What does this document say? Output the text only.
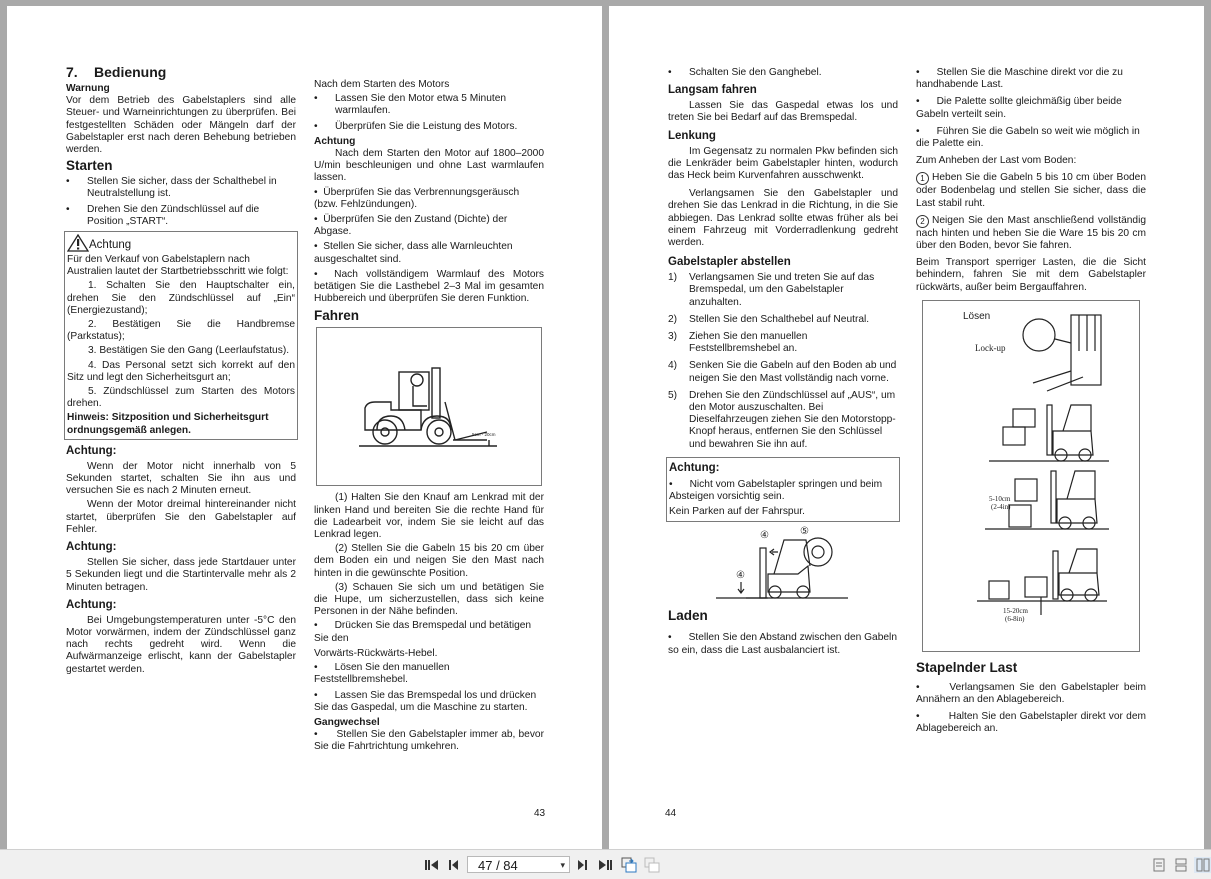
7. Bedienung
Warnung

Vor dem Betrieb des Gabelstaplers sind alle Steuer- und Warneinrichtungen zu überprüfen. Bei festgestellten Schäden oder Mängeln darf der Gabelstapler erst nach deren Behebung betrieben werden.

Starten
•	Stellen Sie sicher, dass der Schalthebel in Neutralstellung ist.
•	Drehen Sie den Zündschlüssel auf die Position „START“.
Achtung

Für den Verkauf von Gabelstaplern nach Australien lautet der Startbetriebsschritt wie folgt:

1. Schalten Sie den Hauptschalter ein, drehen Sie den Zündschlüssel auf „Ein“ (Energiezustand);

2. Bestätigen Sie die Handbremse (Parkstatus);

3. Bestätigen Sie den Gang (Leerlaufstatus).

4. Das Personal setzt sich korrekt auf den Sitz und legt den Sicherheitsgurt an;

5. Zündschlüssel zum Starten des Motors drehen.

Hinweis: Sitzposition und Sicherheitsgurt ordnungsgemäß anlegen.

Achtung:

Wenn der Motor nicht innerhalb von 5 Sekunden startet, schalten Sie ihn aus und versuchen Sie es nach 2 Minuten erneut.

Wenn der Motor dreimal hintereinander nicht startet, überprüfen Sie den Gabelstapler auf Fehler.

Achtung:

Stellen Sie sicher, dass jede Startdauer unter 5 Sekunden liegt und die Startintervalle mehr als 2 Minuten betragen.

Achtung:

Bei Umgebungstemperaturen unter -5°C den Motor vorwärmen, indem der Zündschlüssel ganz nach rechts gedreht wird. Wenn die Aufwärmanzeige erlischt, kann der Gabelstapler gestartet werden.

Nach dem Starten des Motors

•	Lassen Sie den Motor etwa 5 Minuten warmlaufen.
•	Überprüfen Sie die Leistung des Motors.
Achtung

Nach dem Starten den Motor auf 1800–2000 U/min beschleunigen und ohne Last warmlaufen lassen.

•  Überprüfen Sie das Verbrennungsgeräusch (bzw. Fehlzündungen).

•  Überprüfen Sie den Zustand (Dichte) der Abgase.

•  Stellen Sie sicher, dass alle Warnleuchten ausgeschaltet sind.

•  Nach vollständigem Warmlauf des Motors betätigen Sie die Lasthebel 2–3 Mal im gesamten Hubbereich und überprüfen Sie deren Funktion.

Fahren
5cm - 20cm

(1) Halten Sie den Knauf am Lenkrad mit der linken Hand und bereiten Sie die rechte Hand für die Ladearbeit vor, indem Sie sie leicht auf das Lenkrad legen.

(2) Stellen Sie die Gabeln 15 bis 20 cm über dem Boden ein und neigen Sie den Mast nach hinten in die gewünschte Position.

(3) Schauen Sie sich um und betätigen Sie die Hupe, um sicherzustellen, dass sich keine Personen in der Nähe befinden.

•      Drücken Sie das Bremspedal und betätigen Sie den

Vorwärts-Rückwärts-Hebel.

•      Lösen Sie den manuellen Feststellbremshebel.

•      Lassen Sie das Bremspedal los und drücken Sie das Gaspedal, um die Maschine zu starten.

Gangwechsel

•      Stellen Sie den Gabelstapler immer ab, bevor Sie die Fahrtrichtung umkehren.

43
•	Schalten Sie den Ganghebel.
Langsam fahren

Lassen Sie das Gaspedal etwas los und treten Sie bei Bedarf auf das Bremspedal.

Lenkung

Im Gegensatz zu normalen Pkw befinden sich die Lenkräder beim Gabelstapler hinten, wodurch das Heck beim Kurvenfahren ausschwenkt.

Verlangsamen Sie den Gabelstapler und drehen Sie das Lenkrad in die Richtung, in die Sie abbiegen. Das Lenkrad sollte etwas früher als bei einem Fahrzeug mit Vorderradlenkung gedreht werden.

Gabelstapler abstellen
1)	Verlangsamen Sie und treten Sie auf das Bremspedal, um den Gabelstapler anzuhalten.
2)	Stellen Sie den Schalthebel auf Neutral.
3)	Ziehen Sie den manuellen Feststellbremshebel an.
4)	Senken Sie die Gabeln auf den Boden ab und neigen Sie den Mast vollständig nach vorne.
5)	Drehen Sie den Zündschlüssel auf „AUS“, um den Motor auszuschalten. Bei Dieselfahrzeugen ziehen Sie den Motorstopp-Knopf heraus, entfernen Sie den Schlüssel und bewahren Sie ihn auf.
Achtung:

•      Nicht vom Gabelstapler springen und beim Absteigen vorsichtig sein.

Kein Parken auf der Fahrspur.

④	⑤
④
Laden

•      Stellen Sie den Abstand zwischen den Gabeln so ein, dass die Last ausbalanciert ist.

•      Stellen Sie die Maschine direkt vor die zu handhabende Last.

•      Die Palette sollte gleichmäßig über beide Gabeln verteilt sein.

•      Führen Sie die Gabeln so weit wie möglich in die Palette ein.

Zum Anheben der Last vom Boden:

1 Heben Sie die Gabeln 5 bis 10 cm über Boden oder Bodenbelag und stellen Sie sicher, dass die Last stabil ruht.

2 Neigen Sie den Mast anschließend vollständig nach hinten und heben Sie die Ware 15 bis 20 cm über den Boden, bevor Sie fahren.

Beim Transport sperriger Lasten, die die Sicht behindern, fahren Sie mit dem Gabelstapler rückwärts, außer beim Bergauffahren.

Lösen
Lock-up
5-10cm
(2-4in)
15-20cm
(6-8in)
Stapelnder Last

•      Verlangsamen Sie den Gabelstapler beim Annähern an den Ablagebereich.

•         Halten Sie den Gabelstapler direkt vor dem Ablagebereich an.

44
47 / 84	▾
